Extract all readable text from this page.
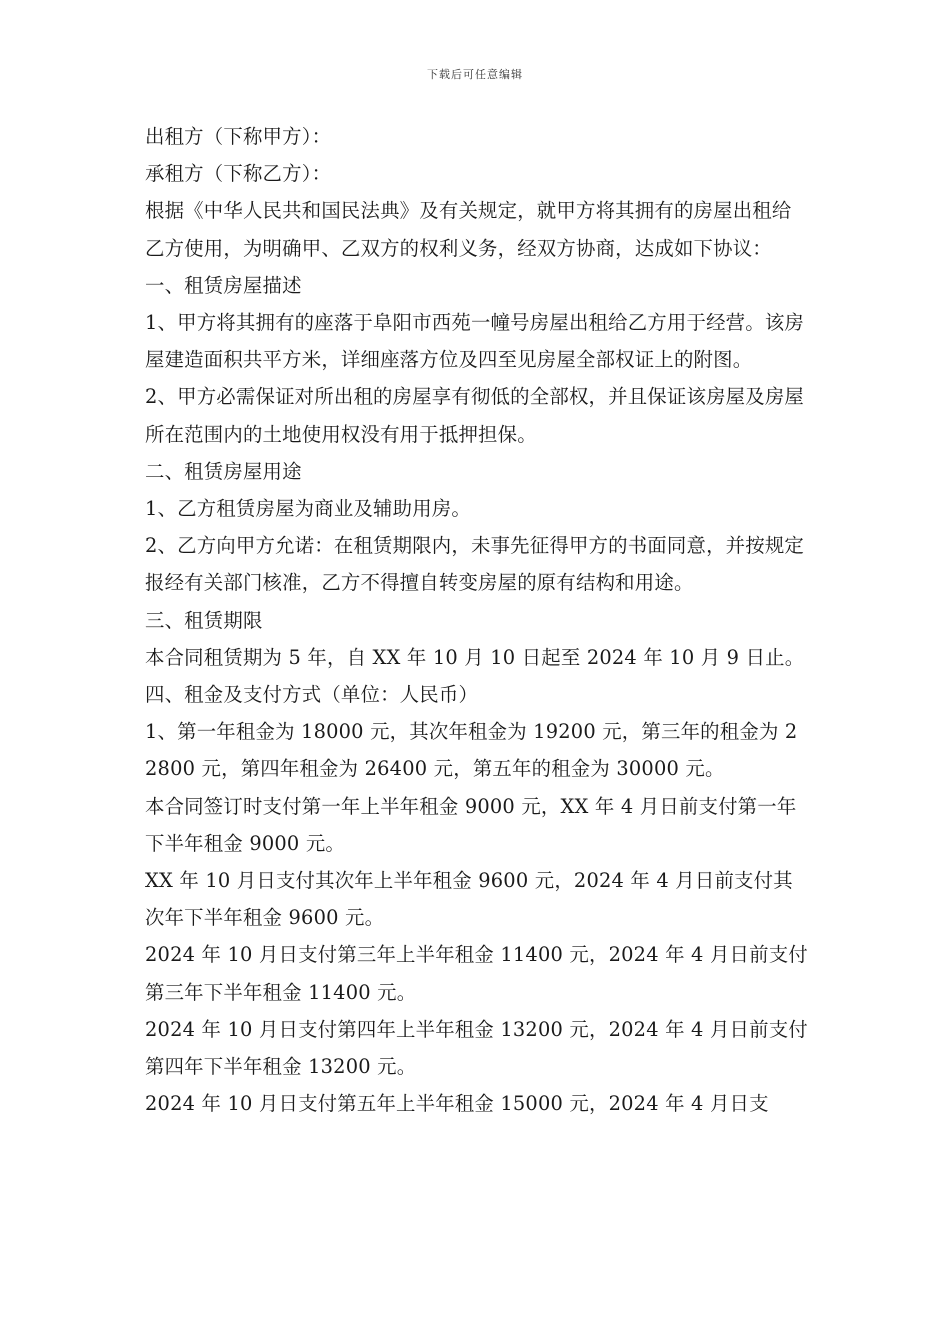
下载后可任意编辑

出租方（下称甲方）：

承租方（下称乙方）：

根据《中华人民共和国民法典》及有关规定，就甲方将其拥有的房屋出租给乙方使用，为明确甲、乙双方的权利义务，经双方协商，达成如下协议：

一、租赁房屋描述

1、甲方将其拥有的座落于阜阳市西苑一幢号房屋出租给乙方用于经营。该房屋建造面积共平方米，详细座落方位及四至见房屋全部权证上的附图。

2、甲方必需保证对所出租的房屋享有彻低的全部权，并且保证该房屋及房屋所在范围内的土地使用权没有用于抵押担保。

二、租赁房屋用途

1、乙方租赁房屋为商业及辅助用房。

2、乙方向甲方允诺：在租赁期限内，未事先征得甲方的书面同意，并按规定报经有关部门核准，乙方不得擅自转变房屋的原有结构和用途。

三、租赁期限

本合同租赁期为 5 年，自 XX 年 10 月 10 日起至 2024 年 10 月 9 日止。

四、租金及支付方式（单位：人民币）

1、第一年租金为 18000 元，其次年租金为 19200 元，第三年的租金为 22800 元，第四年租金为 26400 元，第五年的租金为 30000 元。

本合同签订时支付第一年上半年租金 9000 元，XX 年 4 月日前支付第一年下半年租金 9000 元。

XX 年 10 月日支付其次年上半年租金 9600 元，2024 年 4 月日前支付其次年下半年租金 9600 元。

2024 年 10 月日支付第三年上半年租金 11400 元，2024 年 4 月日前支付第三年下半年租金 11400 元。

2024 年 10 月日支付第四年上半年租金 13200 元，2024 年 4 月日前支付第四年下半年租金 13200 元。

2024 年 10 月日支付第五年上半年租金 15000 元，2024 年 4 月日支
